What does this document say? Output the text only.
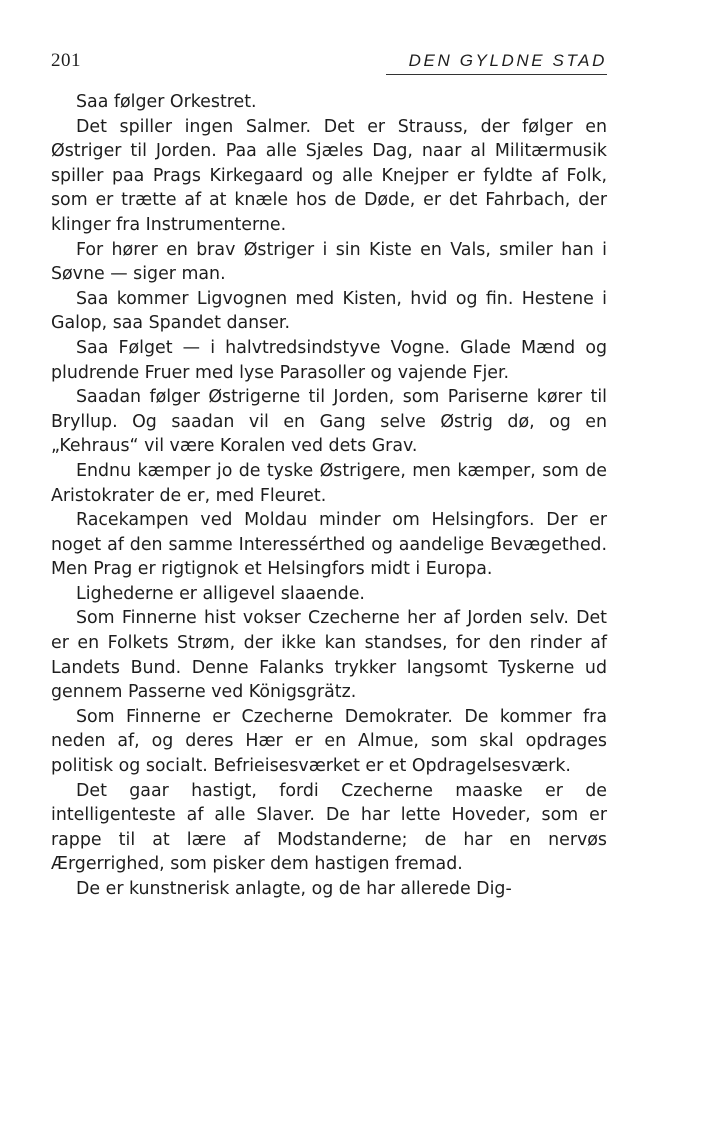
201	DEN GYLDNE STAD

Saa følger Orkestret.

Det spiller ingen Salmer. Det er Strauss, der følger en Østriger til Jorden. Paa alle Sjæles Dag, naar al Militærmusik spiller paa Prags Kirkegaard og alle Knejper er fyldte af Folk, som er trætte af at knæle hos de Døde, er det Fahrbach, der klinger fra Instrumenterne.

For hører en brav Østriger i sin Kiste en Vals, smiler han i Søvne — siger man.

Saa kommer Ligvognen med Kisten, hvid og fin. Hestene i Galop, saa Spandet danser.

Saa Følget — i halvtredsindstyve Vogne. Glade Mænd og pludrende Fruer med lyse Parasoller og vajende Fjer.

Saadan følger Østrigerne til Jorden, som Pariserne kører til Bryllup. Og saadan vil en Gang selve Østrig dø, og en „Kehraus“ vil være Koralen ved dets Grav.

Endnu kæmper jo de tyske Østrigere, men kæmper, som de Aristokrater de er, med Fleuret.

Racekampen ved Moldau minder om Helsingfors. Der er noget af den samme Interessérthed og aandelige Bevægethed. Men Prag er rigtignok et Helsingfors midt i Europa.

Lighederne er alligevel slaaende.

Som Finnerne hist vokser Czecherne her af Jorden selv. Det er en Folkets Strøm, der ikke kan standses, for den rinder af Landets Bund. Denne Falanks trykker langsomt Tyskerne ud gennem Passerne ved Königsgrätz.

Som Finnerne er Czecherne Demokrater. De kommer fra neden af, og deres Hær er en Almue, som skal opdrages politisk og socialt. Befrieisesværket er et Opdragelsesværk.

Det gaar hastigt, fordi Czecherne maaske er de intelligenteste af alle Slaver. De har lette Hoveder, som er rappe til at lære af Modstanderne; de har en nervøs Ærgerrighed, som pisker dem hastigen fremad.

De er kunstnerisk anlagte, og de har allerede Dig-
